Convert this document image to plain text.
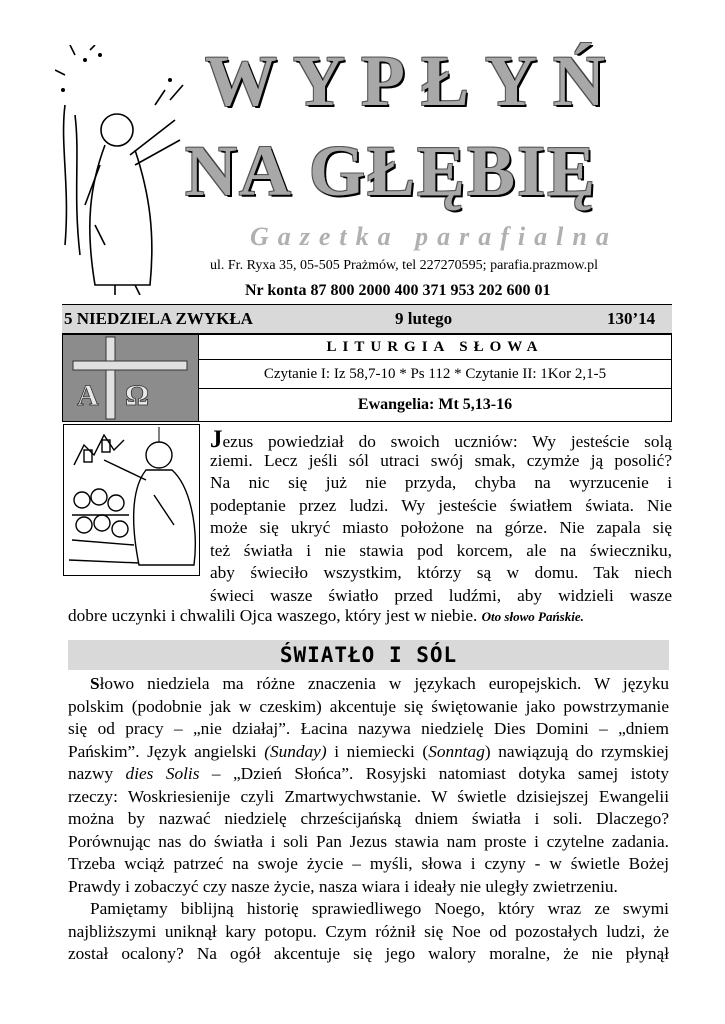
WYPŁYŃ
NA GŁĘBIĘ
Gazetka parafialna
ul. Fr. Ryxa 35, 05-505 Prażmów, tel 227270595; parafia.prazmow.pl
Nr konta 87 800 2000 400 371 953 202 600 01
5 NIEDZIELA ZWYKŁA	9 lutego	130’14
A Ω
LITURGIA SŁOWA
Czytanie I: Iz 58,7-10 * Ps 112 * Czytanie II: 1Kor 2,1-5
Ewangelia: Mt 5,13-16
Jezus powiedział do swoich uczniów: Wy jesteście solą
ziemi. Lecz jeśli sól utraci swój smak, czymże ją posolić?
Na nic się już nie przyda, chyba na wyrzucenie i
podeptanie przez ludzi. Wy jesteście światłem świata. Nie
może się ukryć miasto położone na górze. Nie zapala się
też światła i nie stawia pod korcem, ale na świeczniku,
aby świeciło wszystkim, którzy są w domu. Tak niech
świeci wasze światło przed ludźmi, aby widzieli wasze
dobre uczynki i chwalili Ojca waszego, który jest w niebie. Oto słowo Pańskie.
ŚWIATŁO I SÓL
Słowo niedziela ma różne znaczenia w językach europejskich. W języku
polskim (podobnie jak w czeskim) akcentuje się świętowanie jako powstrzymanie
się od pracy – „nie działaj”. Łacina nazywa niedzielę Dies Domini – „dniem
Pańskim”. Język angielski (Sunday) i niemiecki (Sonntag) nawiązują do rzymskiej
nazwy dies Solis – „Dzień Słońca”. Rosyjski natomiast dotyka samej istoty
rzeczy: Woskriesienije czyli Zmartwychwstanie. W świetle dzisiejszej Ewangelii
można by nazwać niedzielę chrześcijańską dniem światła i soli. Dlaczego?
Porównując nas do światła i soli Pan Jezus stawia nam proste i czytelne zadania.
Trzeba wciąż patrzeć na swoje życie – myśli, słowa i czyny - w świetle Bożej
Prawdy i zobaczyć czy nasze życie, nasza wiara i ideały nie uległy zwietrzeniu.
Pamiętamy biblijną historię sprawiedliwego Noego, który wraz ze swymi
najbliższymi uniknął kary potopu. Czym różnił się Noe od pozostałych ludzi, że
został ocalony? Na ogół akcentuje się jego walory moralne, że nie płynął
